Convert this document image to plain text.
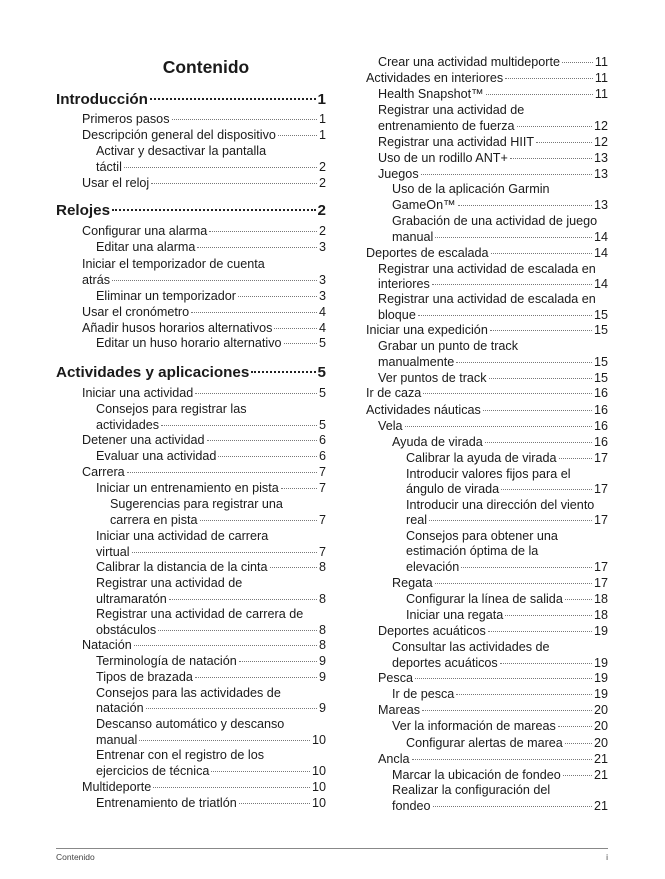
Contenido
Introducción	1
Primeros pasos	1
Descripción general del dispositivo	1
Activar y desactivar la pantalla
táctil	2
Usar el reloj	2
Relojes	2
Configurar una alarma	2
Editar una alarma	3
Iniciar el temporizador de cuenta
atrás	3
Eliminar un temporizador	3
Usar el cronómetro	4
Añadir husos horarios alternativos	4
Editar un huso horario alternativo	5
Actividades y aplicaciones	5
Iniciar una actividad	5
Consejos para registrar las
actividades	5
Detener una actividad	6
Evaluar una actividad	6
Carrera	7
Iniciar un entrenamiento en pista	7
Sugerencias para registrar una
carrera en pista	7
Iniciar una actividad de carrera
virtual	7
Calibrar la distancia de la cinta	8
Registrar una actividad de
ultramaratón	8
Registrar una actividad de carrera de
obstáculos	8
Natación	8
Terminología de natación	9
Tipos de brazada	9
Consejos para las actividades de
natación	9
Descanso automático y descanso
manual	10
Entrenar con el registro de los
ejercicios de técnica	10
Multideporte	10
Entrenamiento de triatlón	10
Crear una actividad multideporte	11
Actividades en interiores	11
Health Snapshot™	11
Registrar una actividad de
entrenamiento de fuerza	12
Registrar una actividad HIIT	12
Uso de un rodillo ANT+	13
Juegos	13
Uso de la aplicación Garmin
GameOn™	13
Grabación de una actividad de juego
manual	14
Deportes de escalada	14
Registrar una actividad de escalada en
interiores	14
Registrar una actividad de escalada en
bloque	15
Iniciar una expedición	15
Grabar un punto de track
manualmente	15
Ver puntos de track	15
Ir de caza	16
Actividades náuticas	16
Vela	16
Ayuda de virada	16
Calibrar la ayuda de virada	17
Introducir valores fijos para el
ángulo de virada	17
Introducir una dirección del viento
real	17
Consejos para obtener una
estimación óptima de la
elevación	17
Regata	17
Configurar la línea de salida 18
Iniciar una regata	18
Deportes acuáticos	19
Consultar las actividades de
deportes acuáticos	19
Pesca	19
Ir de pesca	19
Mareas	20
Ver la información de mareas	20
Configurar alertas de marea 20
Ancla	21
Marcar la ubicación de fondeo	21
Realizar la configuración del
fondeo	21
Contenido	i
